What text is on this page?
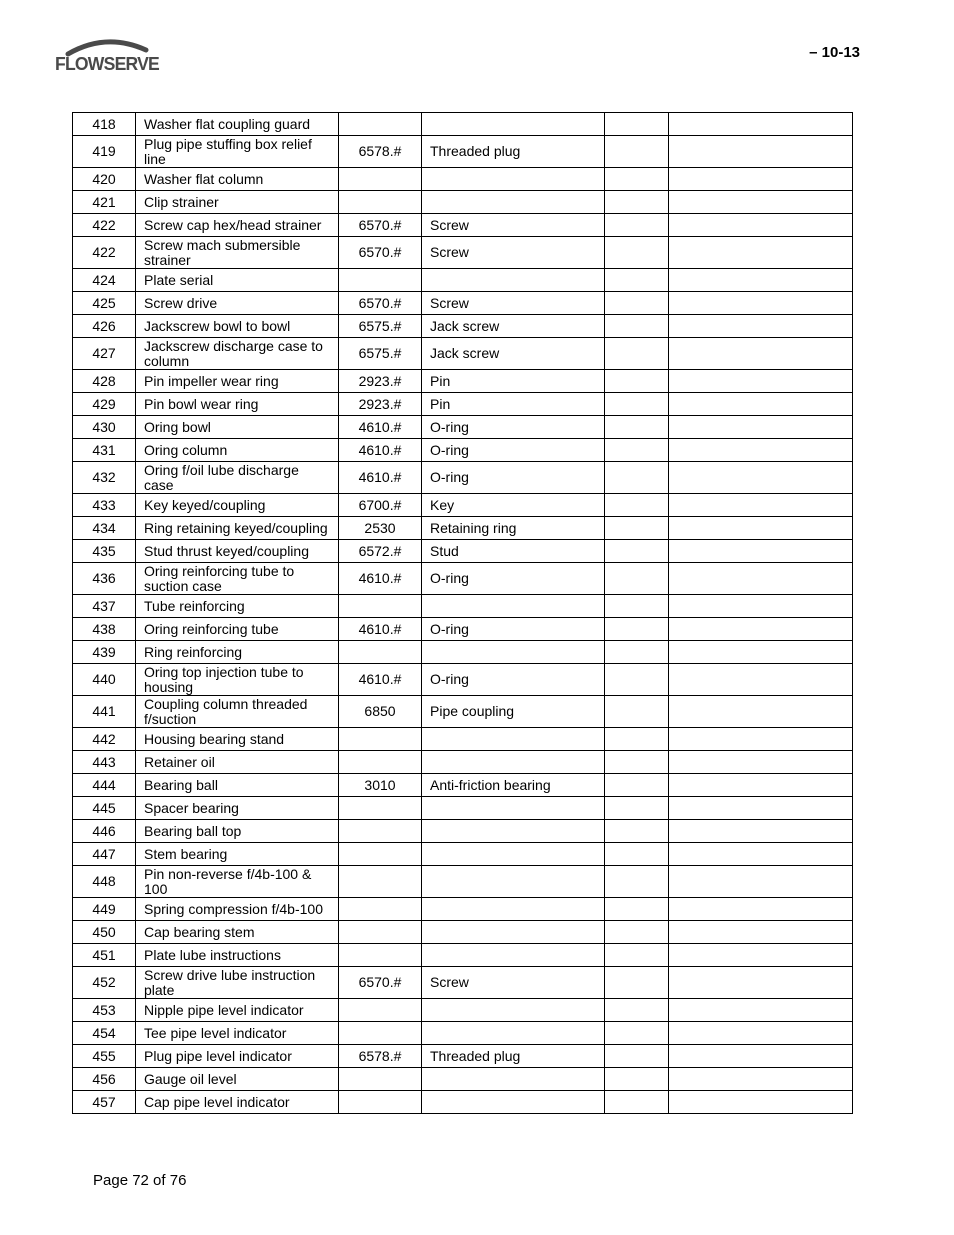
FLOWSERVE
– 10-13
418	Washer flat coupling guard				
419	Plug pipe stuffing box relief line	6578.#	Threaded plug		
420	Washer flat column				
421	Clip strainer				
422	Screw cap hex/head strainer	6570.#	Screw		
422	Screw mach submersible strainer	6570.#	Screw		
424	Plate serial				
425	Screw drive	6570.#	Screw		
426	Jackscrew bowl to bowl	6575.#	Jack screw		
427	Jackscrew discharge case to column	6575.#	Jack screw		
428	Pin impeller wear ring	2923.#	Pin		
429	Pin bowl wear ring	2923.#	Pin		
430	Oring bowl	4610.#	O-ring		
431	Oring column	4610.#	O-ring		
432	Oring f/oil lube discharge case	4610.#	O-ring		
433	Key keyed/coupling	6700.#	Key		
434	Ring retaining keyed/coupling	2530	Retaining ring		
435	Stud thrust keyed/coupling	6572.#	Stud		
436	Oring reinforcing tube to suction case	4610.#	O-ring		
437	Tube reinforcing				
438	Oring reinforcing tube	4610.#	O-ring		
439	Ring reinforcing				
440	Oring top injection tube to housing	4610.#	O-ring		
441	Coupling column threaded f/suction	6850	Pipe coupling		
442	Housing bearing stand				
443	Retainer oil				
444	Bearing ball	3010	Anti-friction bearing		
445	Spacer bearing				
446	Bearing ball top				
447	Stem bearing				
448	Pin non-reverse f/4b-100 & 100				
449	Spring compression f/4b-100				
450	Cap bearing stem				
451	Plate lube instructions				
452	Screw drive lube instruction plate	6570.#	Screw		
453	Nipple pipe level indicator				
454	Tee pipe level indicator				
455	Plug pipe level indicator	6578.#	Threaded plug		
456	Gauge oil level				
457	Cap pipe level indicator				
Page 72 of 76
